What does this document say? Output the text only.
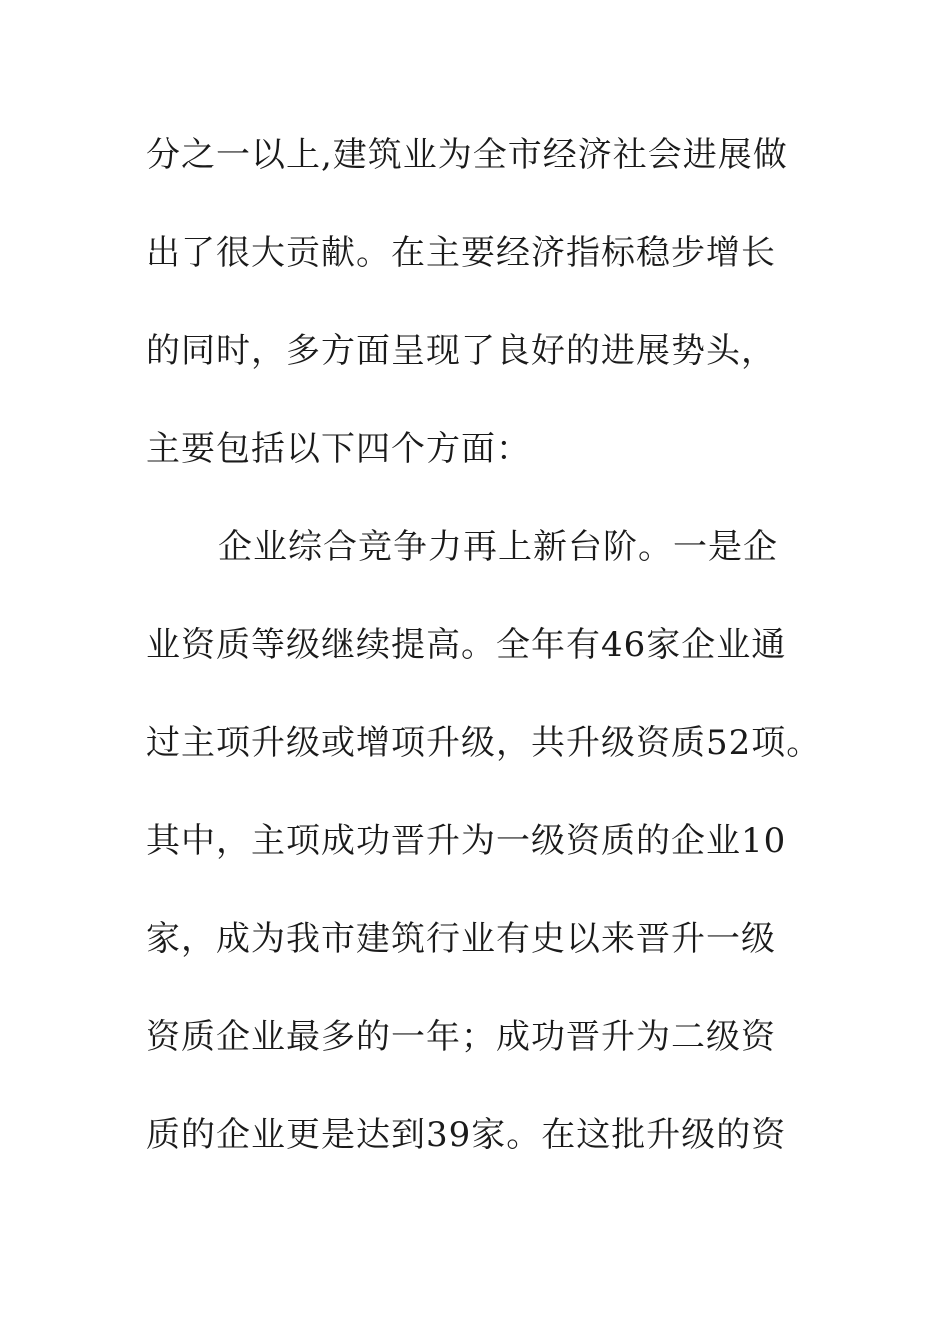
分之一以上,建筑业为全市经济社会进展做
出了很大贡献。在主要经济指标稳步增长
的同时，多方面呈现了良好的进展势头，
主要包括以下四个方面：
企业综合竞争力再上新台阶。一是企
业资质等级继续提高。全年有46家企业通
过主项升级或增项升级，共升级资质52项。
其中，主项成功晋升为一级资质的企业10
家，成为我市建筑行业有史以来晋升一级
资质企业最多的一年；成功晋升为二级资
质的企业更是达到39家。在这批升级的资
